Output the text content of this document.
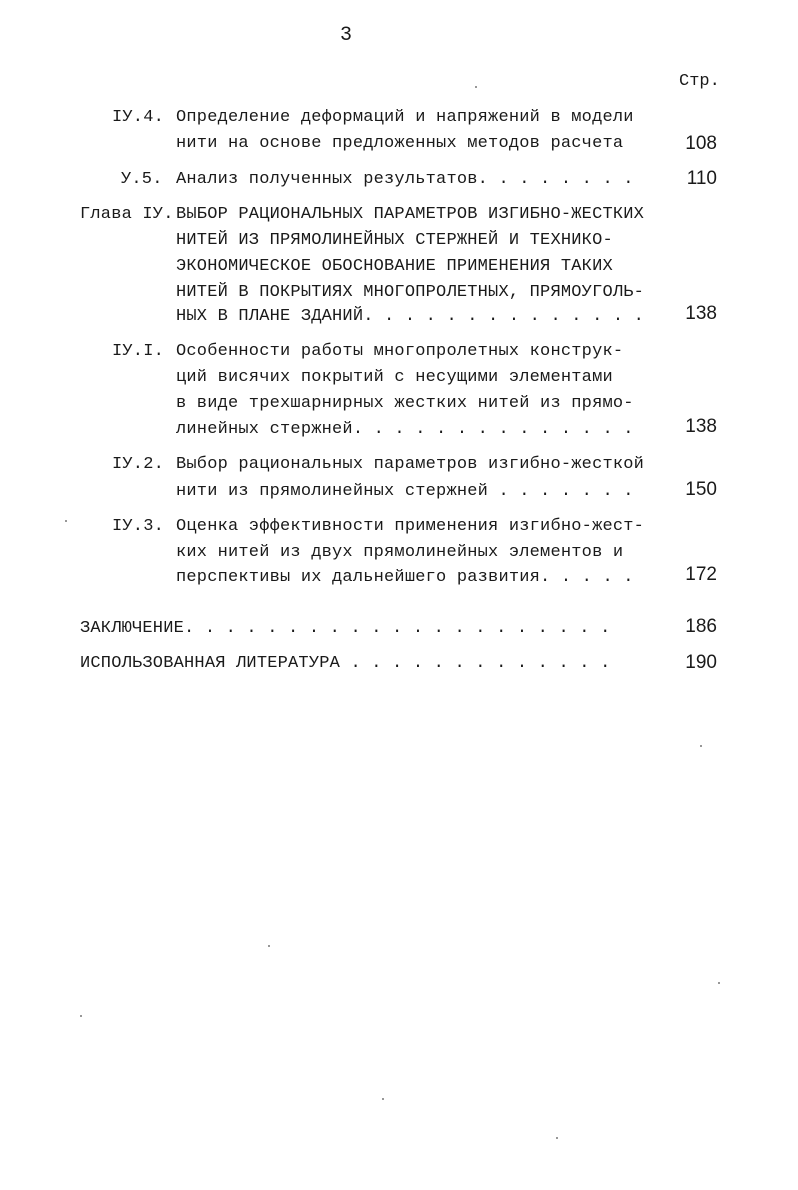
3
Стр.
IУ.4. Определение деформаций и напряжений в модели
нити на основе предложенных методов расчета	108
У.5. Анализ полученных результатов. . . . . . . .	110
Глава IУ. ВЫБОР РАЦИОНАЛЬНЫХ ПАРАМЕТРОВ ИЗГИБНО-ЖЕСТКИХ
НИТЕЙ ИЗ ПРЯМОЛИНЕЙНЫХ СТЕРЖНЕЙ И ТЕХНИКО-
ЭКОНОМИЧЕСКОЕ ОБОСНОВАНИЕ ПРИМЕНЕНИЯ ТАКИХ
НИТЕЙ В ПОКРЫТИЯХ МНОГОПРОЛЕТНЫХ, ПРЯМОУГОЛЬ-
НЫХ В ПЛАНЕ ЗДАНИЙ. . . . . . . . . . . . . .	138
IУ.I. Особенности работы многопролетных конструк-
ций висячих покрытий с несущими элементами
в виде трехшарнирных жестких нитей из прямо-
линейных стержней. . . . . . . . . . . . . .	138
IУ.2. Выбор рациональных параметров изгибно-жесткой
нити из прямолинейных стержней . . . . . . .	150
IУ.3. Оценка эффективности применения изгибно-жест-
ких нитей из двух прямолинейных элементов и
перспективы их дальнейшего развития. . . . .	172
ЗАКЛЮЧЕНИЕ. . . . . . . . . . . . . . . . . . . . .	186
ИСПОЛЬЗОВАННАЯ ЛИТЕРАТУРА . . . . . . . . . . . . .	190
